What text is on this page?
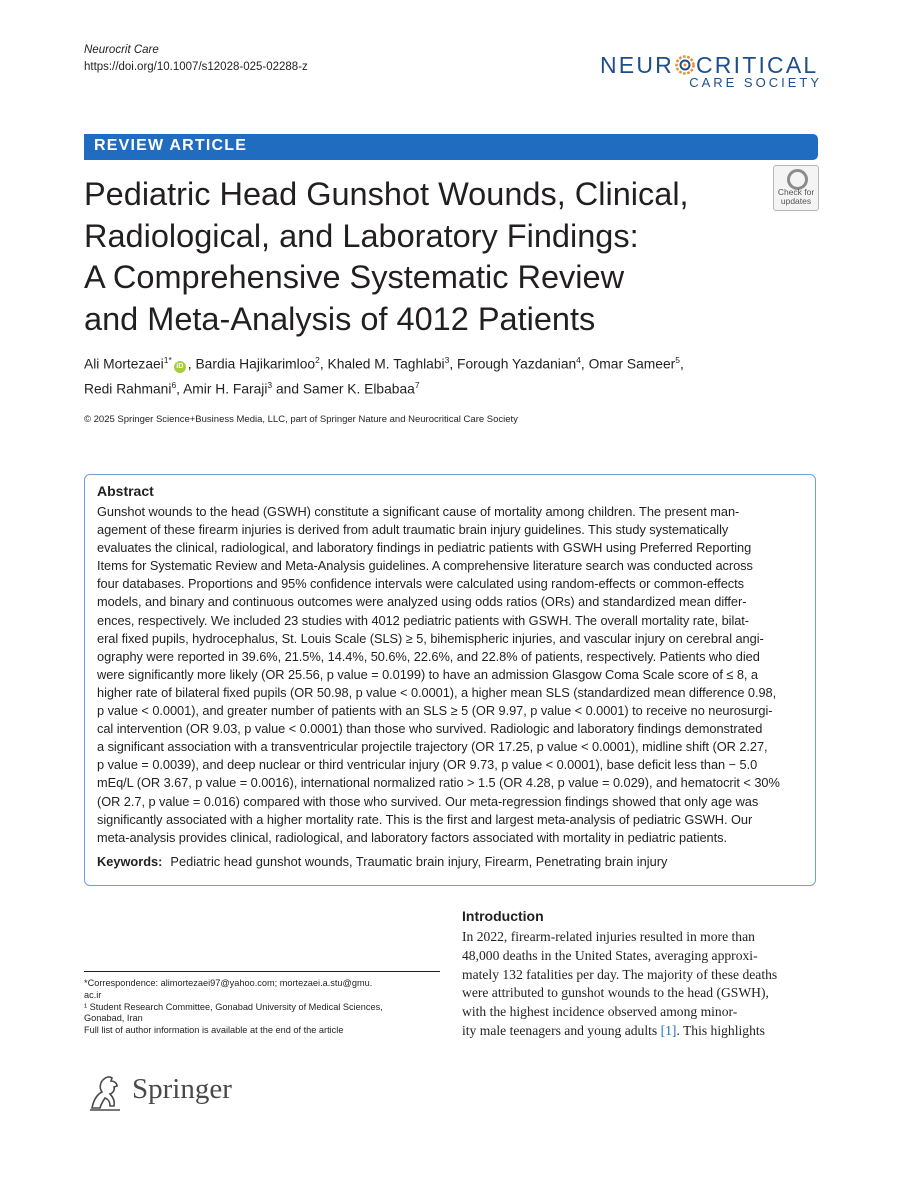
Neurocrit Care
https://doi.org/10.1007/s12028-025-02288-z	NEUR CRITICAL
CARE SOCIETY
REVIEW ARTICLE
Pediatric Head Gunshot Wounds, Clinical,
Radiological, and Laboratory Findings:
A Comprehensive Systematic Review
and Meta-Analysis of 4012 Patients
Check for
updates
Ali Mortezaei$^{1*}$iD , Bardia Hajikarimloo$^2$, Khaled M. Taghlabi$^3$, Forough Yazdanian$^4$, Omar Sameer$^5$,
Redi Rahmani$^6$, Amir H. Faraji$^3$ and Samer K. Elbabaa$^7$
© 2025 Springer Science+Business Media, LLC, part of Springer Nature and Neurocritical Care Society
Abstract

Gunshot wounds to the head (GSWH) constitute a significant cause of mortality among children. The present man-

agement of these firearm injuries is derived from adult traumatic brain injury guidelines. This study systematically

evaluates the clinical, radiological, and laboratory findings in pediatric patients with GSWH using Preferred Reporting

Items for Systematic Review and Meta-Analysis guidelines. A comprehensive literature search was conducted across

four databases. Proportions and 95% confidence intervals were calculated using random-effects or common-effects

models, and binary and continuous outcomes were analyzed using odds ratios (ORs) and standardized mean differ-

ences, respectively. We included 23 studies with 4012 pediatric patients with GSWH. The overall mortality rate, bilat-

eral fixed pupils, hydrocephalus, St. Louis Scale (SLS) ≥ 5, bihemispheric injuries, and vascular injury on cerebral angi-

ography were reported in 39.6%, 21.5%, 14.4%, 50.6%, 22.6%, and 22.8% of patients, respectively. Patients who died

were significantly more likely (OR 25.56, p value = 0.0199) to have an admission Glasgow Coma Scale score of ≤ 8, a

higher rate of bilateral fixed pupils (OR 50.98, p value < 0.0001), a higher mean SLS (standardized mean difference 0.98,

p value < 0.0001), and greater number of patients with an SLS ≥ 5 (OR 9.97, p value < 0.0001) to receive no neurosurgi-

cal intervention (OR 9.03, p value < 0.0001) than those who survived. Radiologic and laboratory findings demonstrated

a significant association with a transventricular projectile trajectory (OR 17.25, p value < 0.0001), midline shift (OR 2.27,

p value = 0.0039), and deep nuclear or third ventricular injury (OR 9.73, p value < 0.0001), base deficit less than − 5.0

mEq/L (OR 3.67, p value = 0.0016), international normalized ratio > 1.5 (OR 4.28, p value = 0.029), and hematocrit < 30%

(OR 2.7, p value = 0.016) compared with those who survived. Our meta-regression findings showed that only age was

significantly associated with a higher mortality rate. This is the first and largest meta-analysis of pediatric GSWH. Our

meta-analysis provides clinical, radiological, and laboratory factors associated with mortality in pediatric patients.

Keywords: Pediatric head gunshot wounds, Traumatic brain injury, Firearm, Penetrating brain injury

*Correspondence: alimortezaei97@yahoo.com; mortezaei.a.stu@gmu.

ac.ir

¹ Student Research Committee, Gonabad University of Medical Sciences,

Gonabad, Iran

Full list of author information is available at the end of the article

Introduction

In 2022, firearm-related injuries resulted in more than

48,000 deaths in the United States, averaging approxi-

mately 132 fatalities per day. The majority of these deaths

were attributed to gunshot wounds to the head (GSWH),

with the highest incidence observed among minor-

ity male teenagers and young adults [1]. This highlights

Springer
